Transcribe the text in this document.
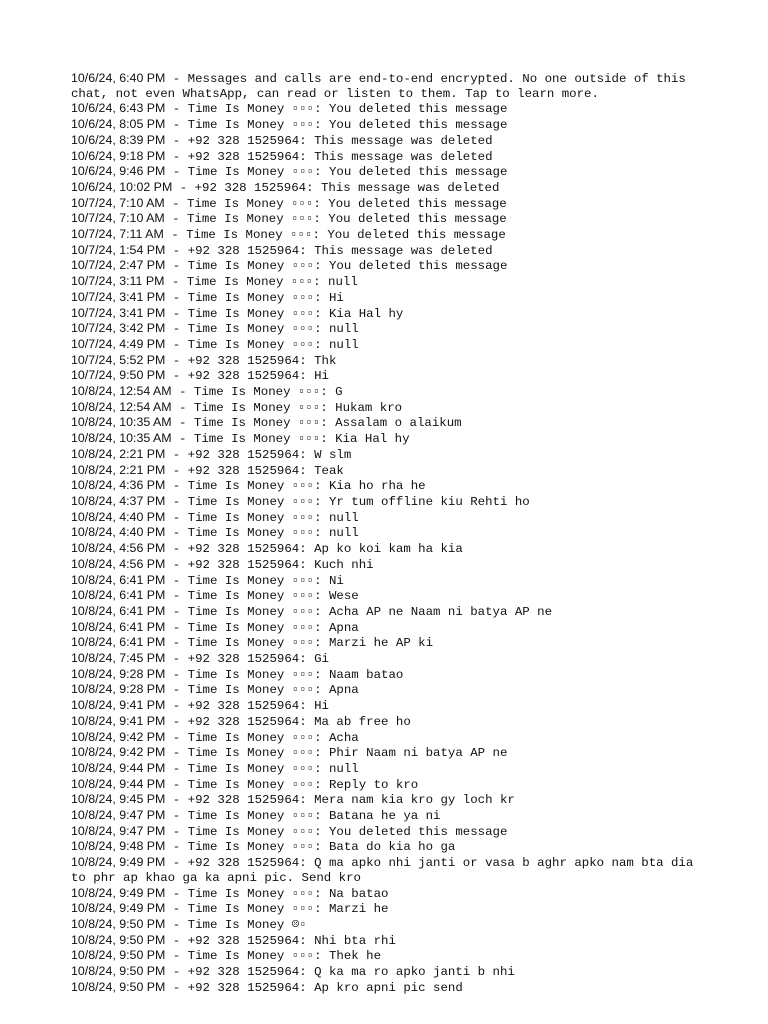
10/6/24, 6:40 PM - Messages and calls are end-to-end encrypted. No one outside of this chat, not even WhatsApp, can read or listen to them. Tap to learn more.
10/6/24, 6:43 PM - Time Is Money ▫▫▫: You deleted this message
10/6/24, 8:05 PM - Time Is Money ▫▫▫: You deleted this message
10/6/24, 8:39 PM - +92 328 1525964: This message was deleted
10/6/24, 9:18 PM - +92 328 1525964: This message was deleted
10/6/24, 9:46 PM - Time Is Money ▫▫▫: You deleted this message
10/6/24, 10:02 PM - +92 328 1525964: This message was deleted
10/7/24, 7:10 AM - Time Is Money ▫▫▫: You deleted this message
10/7/24, 7:10 AM - Time Is Money ▫▫▫: You deleted this message
10/7/24, 7:11 AM - Time Is Money ▫▫▫: You deleted this message
10/7/24, 1:54 PM - +92 328 1525964: This message was deleted
10/7/24, 2:47 PM - Time Is Money ▫▫▫: You deleted this message
10/7/24, 3:11 PM - Time Is Money ▫▫▫: null
10/7/24, 3:41 PM - Time Is Money ▫▫▫: Hi
10/7/24, 3:41 PM - Time Is Money ▫▫▫: Kia Hal hy
10/7/24, 3:42 PM - Time Is Money ▫▫▫: null
10/7/24, 4:49 PM - Time Is Money ▫▫▫: null
10/7/24, 5:52 PM - +92 328 1525964: Thk
10/7/24, 9:50 PM - +92 328 1525964: Hi
10/8/24, 12:54 AM - Time Is Money ▫▫▫: G
10/8/24, 12:54 AM - Time Is Money ▫▫▫: Hukam kro
10/8/24, 10:35 AM - Time Is Money ▫▫▫: Assalam o alaikum
10/8/24, 10:35 AM - Time Is Money ▫▫▫: Kia Hal hy
10/8/24, 2:21 PM - +92 328 1525964: W slm
10/8/24, 2:21 PM - +92 328 1525964: Teak
10/8/24, 4:36 PM - Time Is Money ▫▫▫: Kia ho rha he
10/8/24, 4:37 PM - Time Is Money ▫▫▫: Yr tum offline kiu Rehti ho
10/8/24, 4:40 PM - Time Is Money ▫▫▫: null
10/8/24, 4:40 PM - Time Is Money ▫▫▫: null
10/8/24, 4:56 PM - +92 328 1525964: Ap ko koi kam ha kia
10/8/24, 4:56 PM - +92 328 1525964: Kuch nhi
10/8/24, 6:41 PM - Time Is Money ▫▫▫: Ni
10/8/24, 6:41 PM - Time Is Money ▫▫▫: Wese
10/8/24, 6:41 PM - Time Is Money ▫▫▫: Acha AP ne Naam ni batya AP ne
10/8/24, 6:41 PM - Time Is Money ▫▫▫: Apna
10/8/24, 6:41 PM - Time Is Money ▫▫▫: Marzi he AP ki
10/8/24, 7:45 PM - +92 328 1525964: Gi
10/8/24, 9:28 PM - Time Is Money ▫▫▫: Naam batao
10/8/24, 9:28 PM - Time Is Money ▫▫▫: Apna
10/8/24, 9:41 PM - +92 328 1525964: Hi
10/8/24, 9:41 PM - +92 328 1525964: Ma ab free ho
10/8/24, 9:42 PM - Time Is Money ▫▫▫: Acha
10/8/24, 9:42 PM - Time Is Money ▫▫▫: Phir Naam ni batya AP ne
10/8/24, 9:44 PM - Time Is Money ▫▫▫: null
10/8/24, 9:44 PM - Time Is Money ▫▫▫: Reply to kro
10/8/24, 9:45 PM - +92 328 1525964: Mera nam kia kro gy loch kr
10/8/24, 9:47 PM - Time Is Money ▫▫▫: Batana he ya ni
10/8/24, 9:47 PM - Time Is Money ▫▫▫: You deleted this message
10/8/24, 9:48 PM - Time Is Money ▫▫▫: Bata do kia ho ga
10/8/24, 9:49 PM - +92 328 1525964: Q ma apko nhi janti or vasa b aghr apko nam bta dia to phr ap khao ga ka apni pic. Send kro
10/8/24, 9:49 PM - Time Is Money ▫▫▫: Na batao
10/8/24, 9:49 PM - Time Is Money ▫▫▫: Marzi he
10/8/24, 9:50 PM - Time Is Money ☹▫
10/8/24, 9:50 PM - +92 328 1525964: Nhi bta rhi
10/8/24, 9:50 PM - Time Is Money ▫▫▫: Thek he
10/8/24, 9:50 PM - +92 328 1525964: Q ka ma ro apko janti b nhi
10/8/24, 9:50 PM - +92 328 1525964: Ap kro apni pic send
